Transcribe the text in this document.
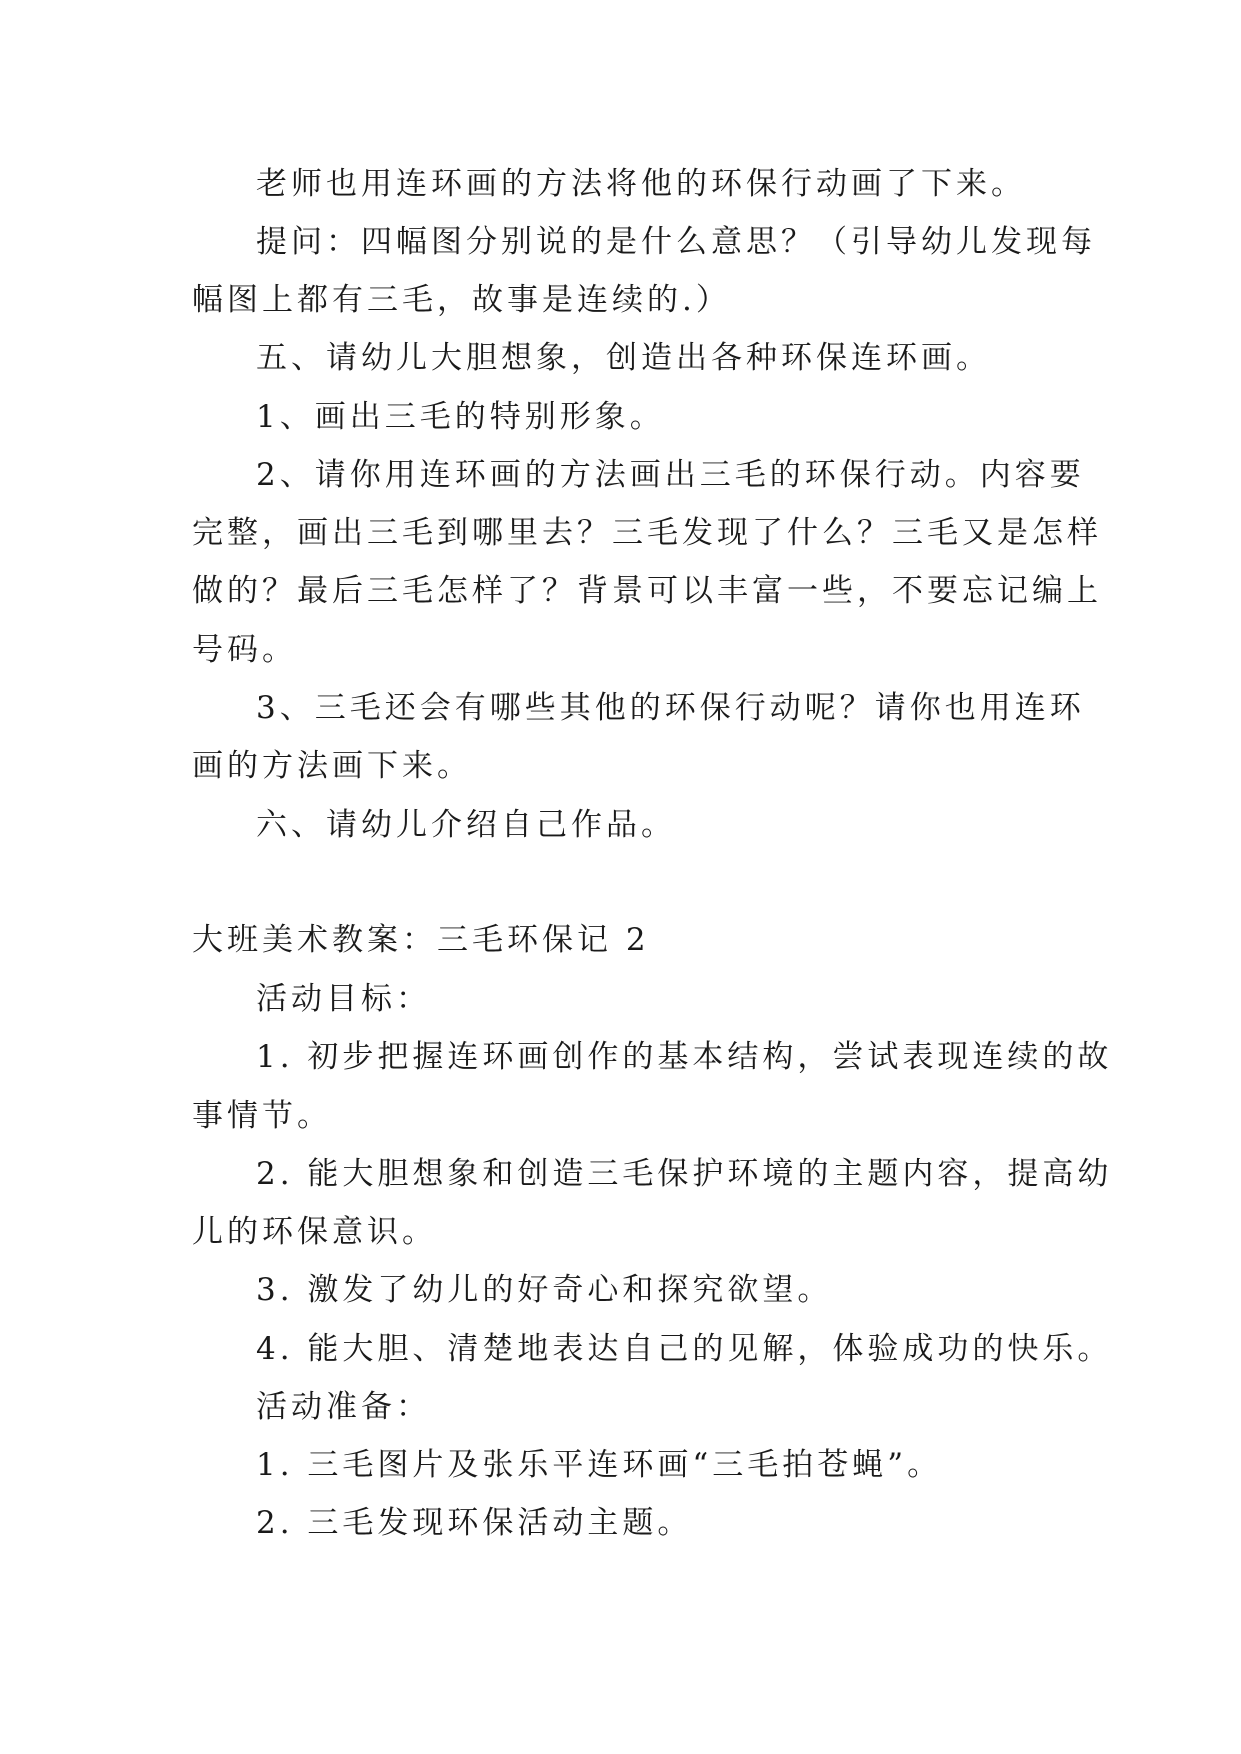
老师也用连环画的方法将他的环保行动画了下来。
提问：四幅图分别说的是什么意思？（引导幼儿发现每
幅图上都有三毛，故事是连续的.）
五、请幼儿大胆想象，创造出各种环保连环画。
1、画出三毛的特别形象。
2、请你用连环画的方法画出三毛的环保行动。内容要
完整，画出三毛到哪里去？三毛发现了什么？三毛又是怎样
做的？最后三毛怎样了？背景可以丰富一些，不要忘记编上
号码。
3、三毛还会有哪些其他的环保行动呢？请你也用连环
画的方法画下来。
六、请幼儿介绍自己作品。
大班美术教案：三毛环保记 2
活动目标：
1. 初步把握连环画创作的基本结构，尝试表现连续的故
事情节。
2. 能大胆想象和创造三毛保护环境的主题内容，提高幼
儿的环保意识。
3. 激发了幼儿的好奇心和探究欲望。
4. 能大胆、清楚地表达自己的见解，体验成功的快乐。
活动准备：
1. 三毛图片及张乐平连环画“三毛拍苍蝇”。
2. 三毛发现环保活动主题。
